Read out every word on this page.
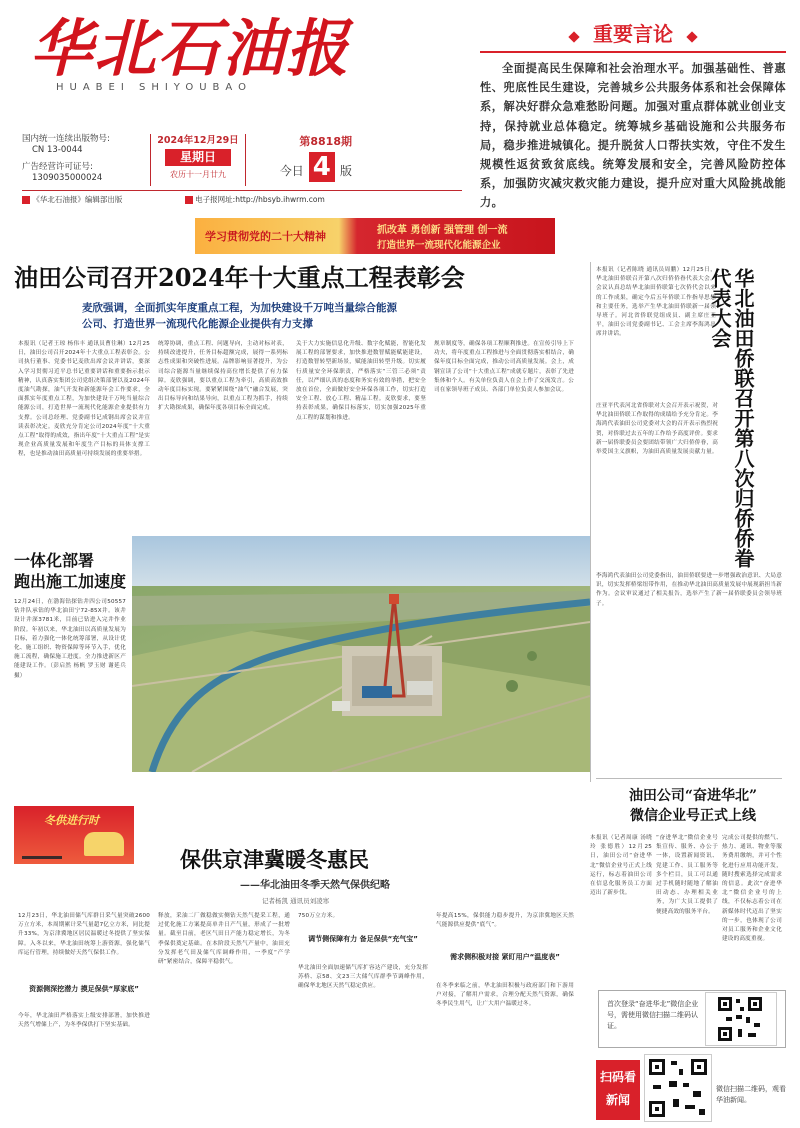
华北石油报
HUABEI SHIYOUBAO
国内统一连续出版物号:
CN 13-0044
广告经营许可证号:
1309035000024
2024年12月29日
星期日
农历十一月廿九
第8818期
今日 4 版
《华北石油报》编辑部出版	电子报网址:http://hbsyb.ihwrm.com
重要言论
全面提高民生保障和社会治理水平。加强基础性、普惠性、兜底性民生建设，完善城乡公共服务体系和社会保障体系，解决好群众急难愁盼问题。加强对重点群体就业创业支持，保持就业总体稳定。统筹城乡基础设施和公共服务布局，稳步推进城镇化。提升脱贫人口帮扶实效，守住不发生规模性返贫致贫底线。统筹发展和安全，完善风险防控体系，加强防灾减灾救灾能力建设，提升应对重大风险挑战能力。
学习贯彻党的二十大精神	抓改革 勇创新 强管理 创一流
打造世界一流现代化能源企业
油田公司召开2024年十大重点工程表彰会
麦欣强调，全面抓实年度重点工程，为加快建设千万吨当量综合能源
公司、打造世界一流现代化能源企业提供有力支撑
本报讯（记者王琼 杨伟丰 通讯员曹往琳）12月25日，油田公司召开2024年十大重点工程表彰会。公司执行董事、党委书记麦欣出席会议并讲话，要深入学习贯彻习近平总书记重要讲话和重要指示批示精神，认真落实集团公司党组决策部署以及2024年度油气勘探，油气开发和新能源年会工作要求，全面抓实年度重点工程，为加快建设千万吨当量综合能源公司，打造世界一流现代化能源企业提供有力支撑。公司总经理、党委副书记成钢出席会议并宣读表彰决定。麦欣充分肯定公司2024年度“十大重点工程”取得的成效，指出年度“十大重点工程”是实现企业高质量发展和年度生产目标的具体支撑工程，也是推动油田高质量可持续发展的重要举措。
统筹协调，重点工程、问题导向，主动对标对表，持续改进提升，任务目标超额完成，展得一系列标志性成果和突破性进展。品牌影响显著提升，为公司综合能源当量继续保持高位增长提供了有力保障。麦欣强调，要以重点工程为牵引，高质高效推动年度目标实现。要紧紧围绕“油气”融合发展，突出目标导向和结果导向，以重点工程为抓手，持续扩大勘探成果，确保年度各项目标全面完成。
关于大力实施信息化升级、数字化赋能，智能化发展工程的部署要求，加快推进数智赋能赋能建设，打造数智转型新场景，赋能油田转型升级。切实履行质量安全环保职责，严格落实“三管三必须”责任，以严细认真的态度和务实有效的举措，把安全放在首位，全面做好安全环保各项工作，切实打造安全工程、放心工程、精品工程。麦欣要求，要坚持表彰成果，确保目标落实，切实加强2025年重点工程的谋划和推进。
规章制度等，确保各项工程顺利推进。在宣传引导上下功夫，将年度重点工程推进与全面贯彻落实相结合，确保年度目标全面完成，推动公司高质量发展。会上，成钢宣读了公司“十大重点工程”成就专题片，表彰了先进集体和个人。有关单位负责人在会上作了交流发言。公司在家领导班子成员、各部门单位负责人参加会议。
一体化部署
跑出施工加速度
12月24日，在渤海钻探钻井四公司50557钻井队承钻的华北油田宁72-85X井。该井设计井深3781米，目前已钻进入完井作业阶段。年初以来，华北油田以高质量发展为目标，着力强化一体化统筹部署，从设计优化、施工组织、物资保障等环节入手，优化施工流程，确保施工进度。全力推进新区产能建设工作。（彭启然 杨帆 罗玉财 谢延兵 摄）
冬供进行时
保供京津冀暖冬惠民
——华北油田冬季天然气保供纪略
记者杨凯 通讯员刘凌寒
12月23日，华北油田储气库群日采气量突破2600万立方米，本周期累计采气量超7亿立方米，同比提升33%，为京津冀地区居民温暖过冬提供了坚实保障。入冬以来，华北油田统筹上游资源，强化储气库运行管理，持续做好天然气保供工作。
资源侧深挖潜力 摸足保供“厚家底”
今年，华北油田严格落实上级安排部署，加快推进天然气增储上产，为冬季保供打下坚实基础。
释放，采油二厂做稳做实侧钻天然气提采工程，通过优化施工方案提高单井日产气量，形成了一批增量。截至目前，老区气田日产能力稳定增长，为冬季保供奠定基础。在本阶段天然气产量中，油田充分发挥老气田及储气库调峰作用，一季度“产学研”紧密结合，保障平稳供气。
750万立方米。
调节侧保障有力 备足保供“充气宝”
华北油田全面加速储气库扩容达产建设，充分发挥苏桥、京58、文23三大储气库群季节调峰作用，确保华北地区天然气稳定供应。
年提高15%，保供能力稳步提升，为京津冀地区天然气能源供应提供“底气”。
需求侧积极对接 紧盯用户“温度表”
在冬季来临之前，华北油田积极与政府部门和下游用户对接，了解用户需求，合理分配天然气资源，确保冬季民生用气，让广大用户温暖过冬。
本报讯（记者陈晓 通讯员周鹏）12月25日，华北油田侨联召开第八次归侨侨眷代表大会。会议认真总结华北油田侨联第七次侨代会以来的工作成果，确定今后五年侨联工作指导思想和主要任务，选举产生华北油田侨联新一届领导班子。河北省侨联党组成员、副主席庄亚平，油田公司党委副书记、工会主席李海鸿出席并讲话。	华北油田侨联召开第八次归侨侨眷代表大会
庄亚平代表河北省侨联对大会召开表示祝贺，对华北油田侨联工作取得的成绩给予充分肯定。李海鸿代表油田公司党委对大会的召开表示热烈祝贺，对侨联过去五年的工作给予高度评价。要求新一届侨联委员会要团结带领广大归侨侨眷，高举爱国主义旗帜，为油田高质量发展贡献力量。
李海鸿代表油田公司党委指出，油田侨联要进一步增强政治意识、大局意识，切实发挥桥梁纽带作用，在推动华北油田高质量发展中展现新担当新作为。会议审议通过了相关报告，选举产生了新一届侨联委员会领导班子。
油田公司“奋进华北”
微信企业号正式上线
本报讯（记者周康 汤晓玲 张德胜）12月25日，油田公司“奋进华北”微信企业号正式上线运行，标志着油田公司在信息化服务员工方面迈出了新步伐。
“奋进华北”微信企业号集宣传、服务、办公于一体，设置新闻资讯、党建工作、员工服务等多个栏目，员工可以通过手机随时随地了解油田动态、办理相关业务，为广大员工提供了便捷高效的服务平台。
完成公司提供的燃气、热力、通讯、物业等服务费用缴纳，并可个性化进行应用功能开发，随时搜索选择完成需求的信息。此次“奋进华北”微信企业号的上线，不仅标志着公司在新媒体时代迈出了坚实的一步，也体现了公司对员工服务和企业文化建设的高度重视。
首次登录“奋进华北”微信企业号，需使用微信扫描二维码认证。
扫码看
新闻
微信扫描二维码，观看华油新闻。
